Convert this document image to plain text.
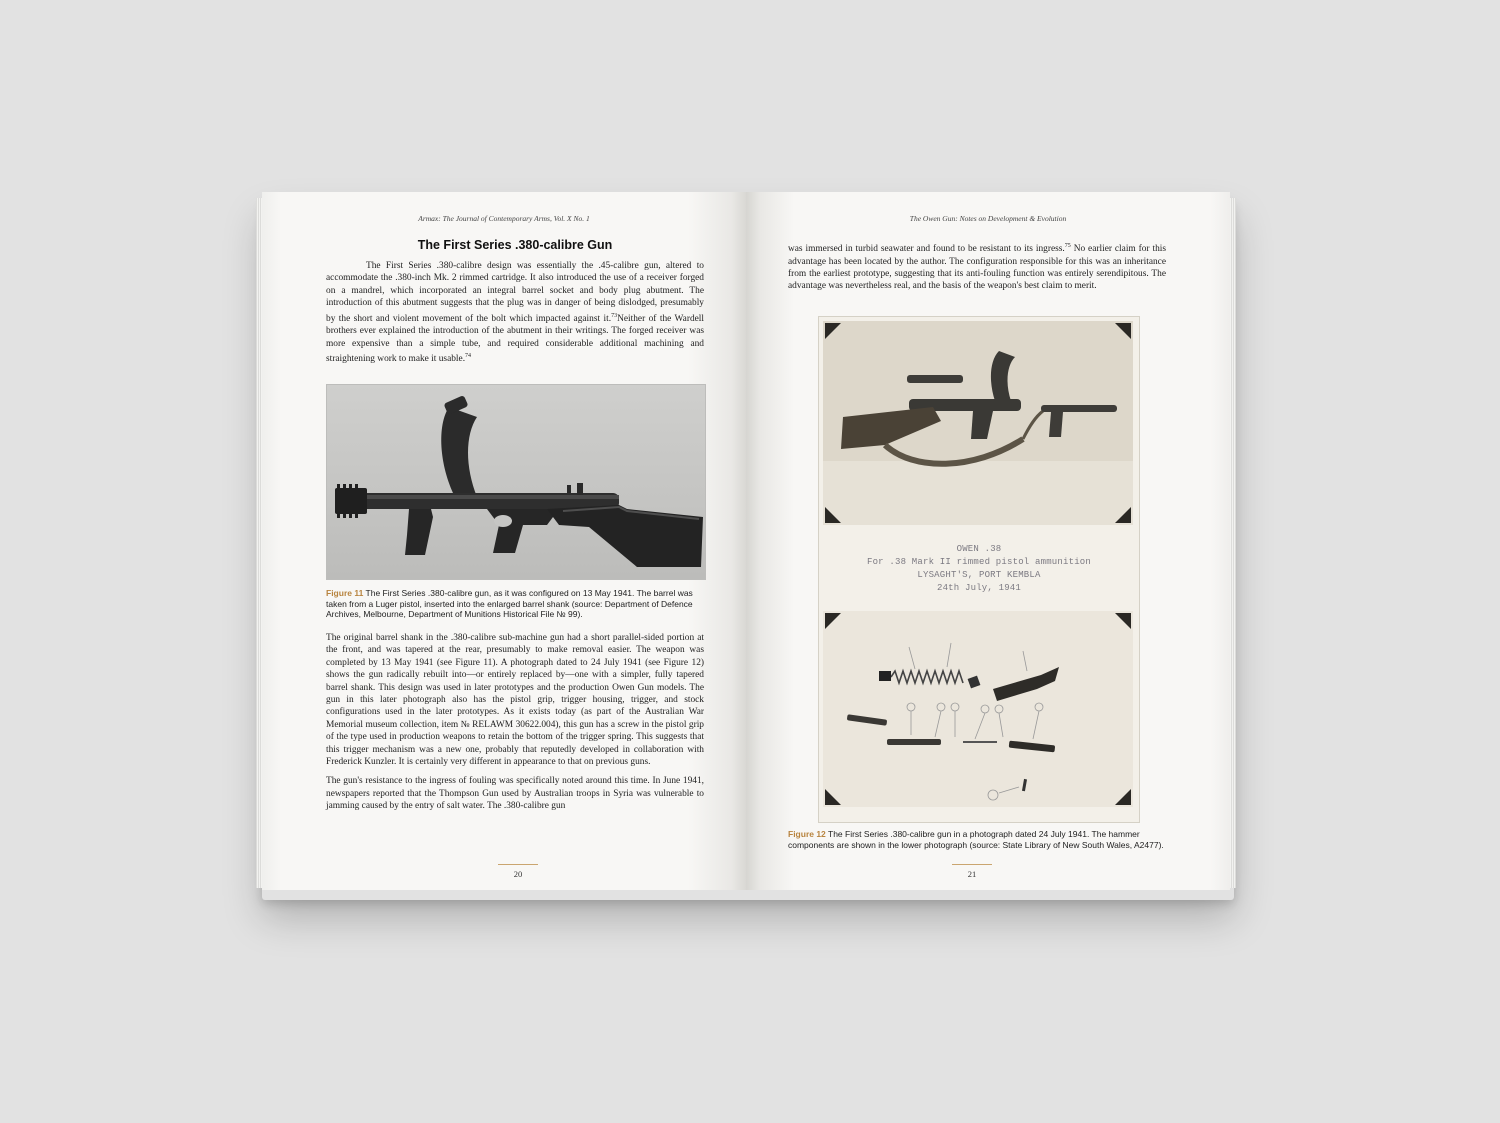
Armax: The Journal of Contemporary Arms, Vol. X No. 1
The First Series .380-calibre Gun

The First Series .380-calibre design was essentially the .45-calibre gun, altered to accommodate the .380-inch Mk. 2 rimmed cartridge. It also introduced the use of a receiver forged on a mandrel, which incorporated an integral barrel socket and body plug abutment. The introduction of this abutment suggests that the plug was in danger of being dislodged, presumably by the short and violent movement of the bolt which impacted against it.$^{73}$Neither of the Wardell brothers ever explained the introduction of the abutment in their writings. The forged receiver was more expensive than a simple tube, and required considerable additional machining and straightening work to make it usable.$^{74}$

Figure 11 The First Series .380-calibre gun, as it was configured on 13 May 1941. The barrel was taken from a Luger pistol, inserted into the enlarged barrel shank (source: Department of Defence Archives, Melbourne, Department of Munitions Historical File № 99).

The original barrel shank in the .380-calibre sub-machine gun had a short parallel-sided portion at the front, and was tapered at the rear, presumably to make removal easier. The weapon was completed by 13 May 1941 (see Figure 11). A photograph dated to 24 July 1941 (see Figure 12) shows the gun radically rebuilt into—or entirely replaced by—one with a simpler, fully tapered barrel shank. This design was used in later prototypes and the production Owen Gun models. The gun in this later photograph also has the pistol grip, trigger housing, trigger, and stock configurations used in the later prototypes. As it exists today (as part of the Australian War Memorial museum collection, item № RELAWM 30622.004), this gun has a screw in the pistol grip of the type used in production weapons to retain the bottom of the trigger spring. This suggests that this trigger mechanism was a new one, probably that reputedly developed in collaboration with Frederick Kunzler. It is certainly very different in appearance to that on previous guns.

The gun's resistance to the ingress of fouling was specifically noted around this time. In June 1941, newspapers reported that the Thompson Gun used by Australian troops in Syria was vulnerable to jamming caused by the entry of salt water. The .380-calibre gun

20
The Owen Gun: Notes on Development & Evolution

was immersed in turbid seawater and found to be resistant to its ingress.$^{75}$ No earlier claim for this advantage has been located by the author. The configuration responsible for this was an inheritance from the earliest prototype, suggesting that its anti-fouling function was entirely serendipitous. The advantage was nevertheless real, and the basis of the weapon's best claim to merit.

OWEN .38
For .38 Mark II rimmed pistol ammunition
LYSAGHT'S, PORT KEMBLA
24th July, 1941
Figure 12 The First Series .380-calibre gun in a photograph dated 24 July 1941. The hammer components are shown in the lower photograph (source: State Library of New South Wales, A2477).
21
